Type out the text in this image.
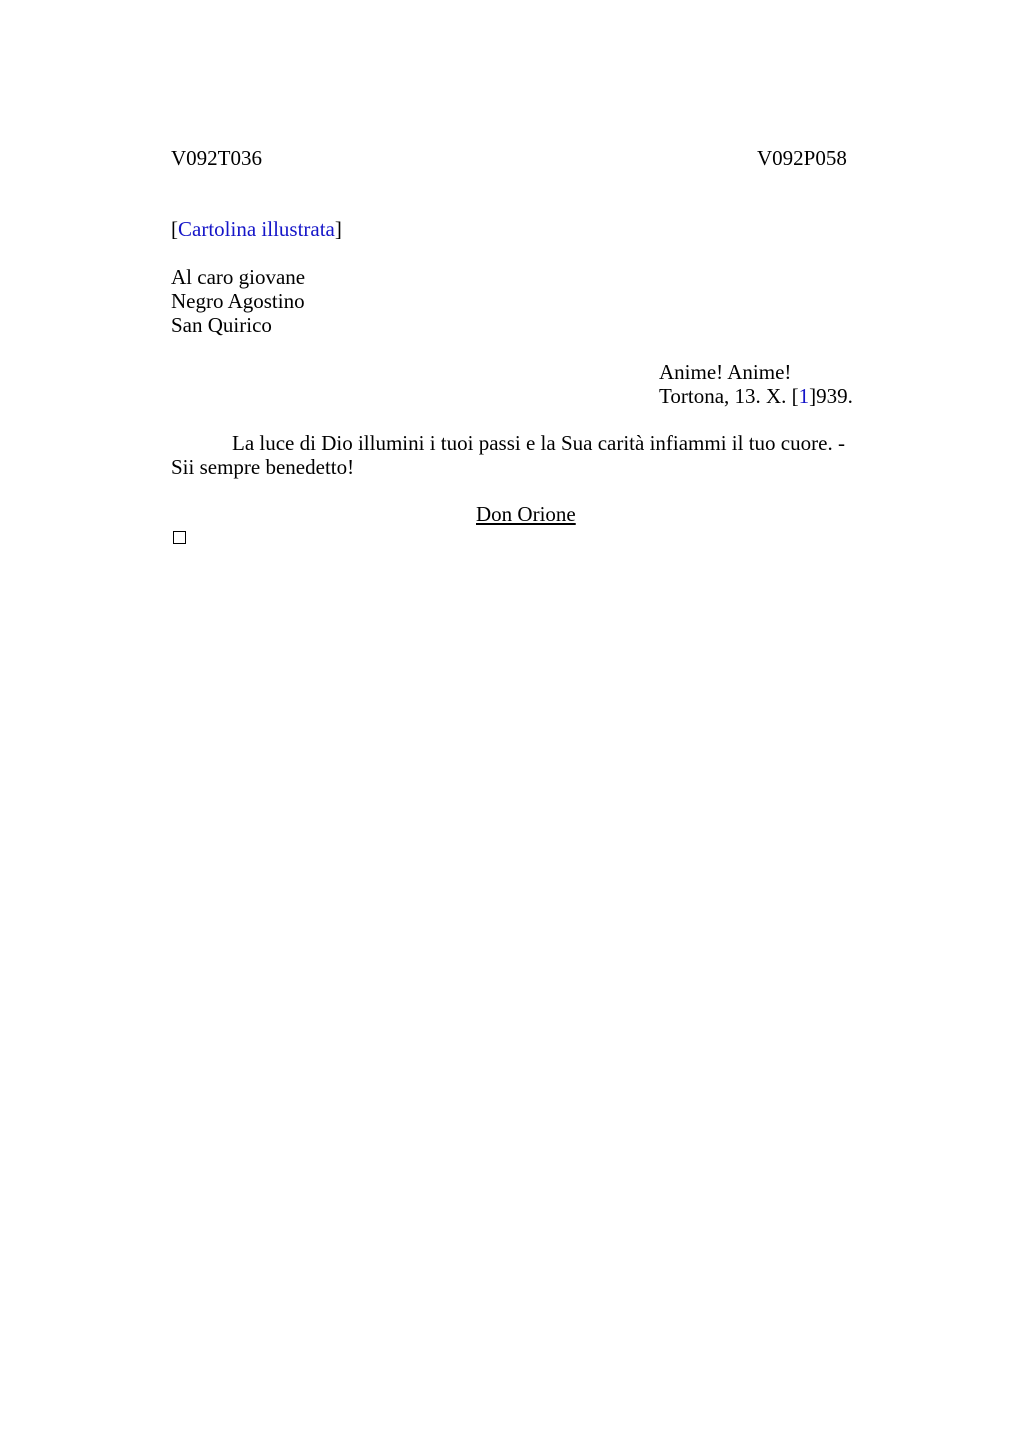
V092T036	V092P058
[Cartolina illustrata]
Al caro giovane
Negro Agostino
San Quirico
Anime! Anime!
Tortona, 13. X. [1]939.
La luce di Dio illumini i tuoi passi e la Sua carità infiammi il tuo cuore. - Sii sempre benedetto!
Don Orione
